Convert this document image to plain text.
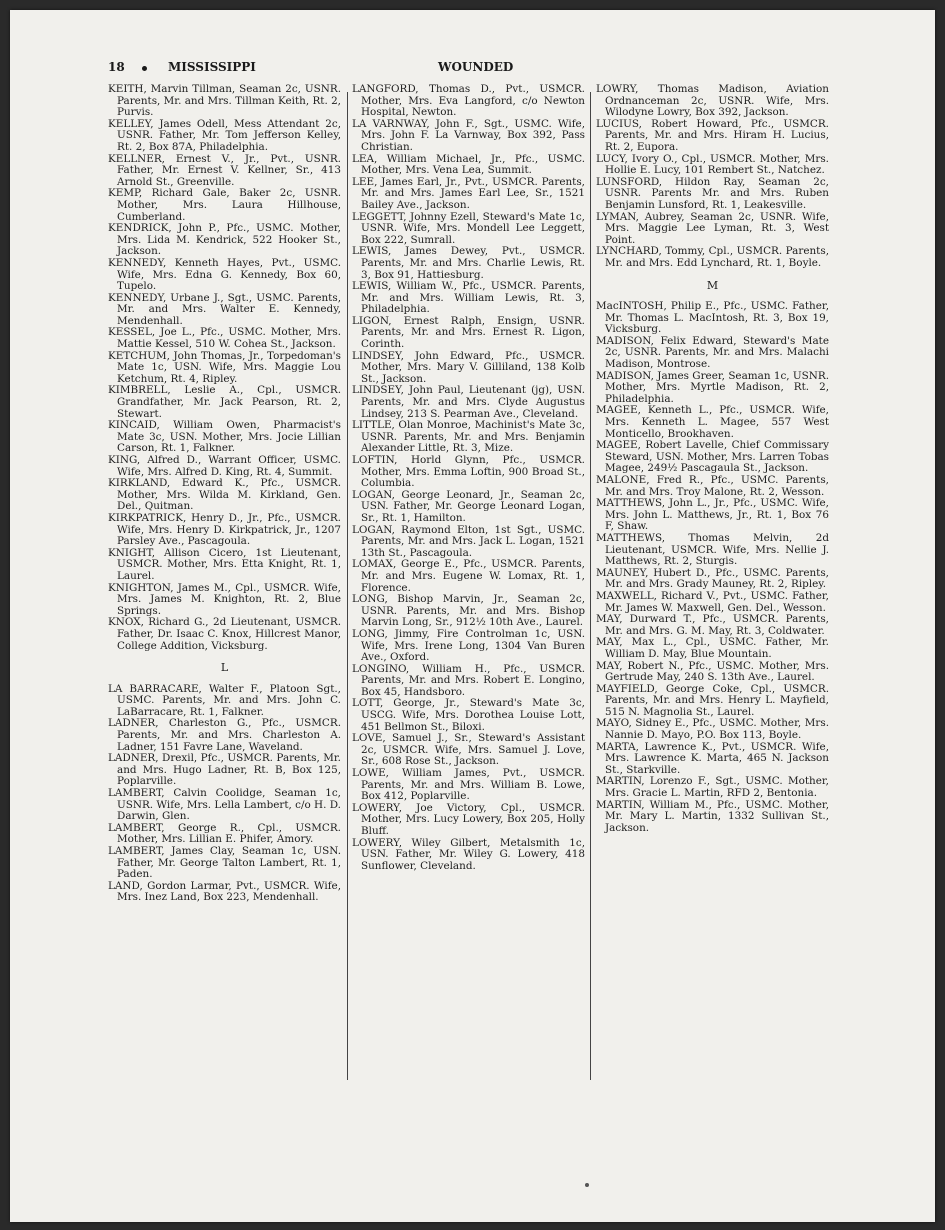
18	MISSISSIPPI	WOUNDED

KEITH, Marvin Tillman, Seaman 2c, USNR. Parents, Mr. and Mrs. Tillman Keith, Rt. 2, Purvis.

KELLEY, James Odell, Mess Attendant 2c, USNR. Father, Mr. Tom Jefferson Kelley, Rt. 2, Box 87A, Philadelphia.

KELLNER, Ernest V., Jr., Pvt., USNR. Father, Mr. Ernest V. Kellner, Sr., 413 Arnold St., Greenville.

KEMP, Richard Gale, Baker 2c, USNR. Mother, Mrs. Laura Hillhouse, Cumberland.

KENDRICK, John P., Pfc., USMC. Mother, Mrs. Lida M. Kendrick, 522 Hooker St., Jackson.

KENNEDY, Kenneth Hayes, Pvt., USMC. Wife, Mrs. Edna G. Kennedy, Box 60, Tupelo.

KENNEDY, Urbane J., Sgt., USMC. Parents, Mr. and Mrs. Walter E. Kennedy, Mendenhall.

KESSEL, Joe L., Pfc., USMC. Mother, Mrs. Mattie Kessel, 510 W. Cohea St., Jackson.

KETCHUM, John Thomas, Jr., Torpedoman's Mate 1c, USN. Wife, Mrs. Maggie Lou Ketchum, Rt. 4, Ripley.

KIMBRELL, Leslie A., Cpl., USMCR. Grandfather, Mr. Jack Pearson, Rt. 2, Stewart.

KINCAID, William Owen, Pharmacist's Mate 3c, USN. Mother, Mrs. Jocie Lillian Carson, Rt. 1, Falkner.

KING, Alfred D., Warrant Officer, USMC. Wife, Mrs. Alfred D. King, Rt. 4, Summit.

KIRKLAND, Edward K., Pfc., USMCR. Mother, Mrs. Wilda M. Kirkland, Gen. Del., Quitman.

KIRKPATRICK, Henry D., Jr., Pfc., USMCR. Wife, Mrs. Henry D. Kirkpatrick, Jr., 1207 Parsley Ave., Pascagoula.

KNIGHT, Allison Cicero, 1st Lieutenant, USMCR. Mother, Mrs. Etta Knight, Rt. 1, Laurel.

KNIGHTON, James M., Cpl., USMCR. Wife, Mrs. James M. Knighton, Rt. 2, Blue Springs.

KNOX, Richard G., 2d Lieutenant, USMCR. Father, Dr. Isaac C. Knox, Hillcrest Manor, College Addition, Vicksburg.

L

LA BARRACARE, Walter F., Platoon Sgt., USMC. Parents, Mr. and Mrs. John C. LaBarracare, Rt. 1, Falkner.

LADNER, Charleston G., Pfc., USMCR. Parents, Mr. and Mrs. Charleston A. Ladner, 151 Favre Lane, Waveland.

LADNER, Drexil, Pfc., USMCR. Parents, Mr. and Mrs. Hugo Ladner, Rt. B, Box 125, Poplarville.

LAMBERT, Calvin Coolidge, Seaman 1c, USNR. Wife, Mrs. Lella Lambert, c/o H. D. Darwin, Glen.

LAMBERT, George R., Cpl., USMCR. Mother, Mrs. Lillian E. Phifer, Amory.

LAMBERT, James Clay, Seaman 1c, USN. Father, Mr. George Talton Lambert, Rt. 1, Paden.

LAND, Gordon Larmar, Pvt., USMCR. Wife, Mrs. Inez Land, Box 223, Mendenhall.

LANGFORD, Thomas D., Pvt., USMCR. Mother, Mrs. Eva Langford, c/o Newton Hospital, Newton.

LA VARNWAY, John F., Sgt., USMC. Wife, Mrs. John F. La Varnway, Box 392, Pass Christian.

LEA, William Michael, Jr., Pfc., USMC. Mother, Mrs. Vena Lea, Summit.

LEE, James Earl, Jr., Pvt., USMCR. Parents, Mr. and Mrs. James Earl Lee, Sr., 1521 Bailey Ave., Jackson.

LEGGETT, Johnny Ezell, Steward's Mate 1c, USNR. Wife, Mrs. Mondell Lee Leggett, Box 222, Sumrall.

LEWIS, James Dewey, Pvt., USMCR. Parents, Mr. and Mrs. Charlie Lewis, Rt. 3, Box 91, Hattiesburg.

LEWIS, William W., Pfc., USMCR. Parents, Mr. and Mrs. William Lewis, Rt. 3, Philadelphia.

LIGON, Ernest Ralph, Ensign, USNR. Parents, Mr. and Mrs. Ernest R. Ligon, Corinth.

LINDSEY, John Edward, Pfc., USMCR. Mother, Mrs. Mary V. Gilliland, 138 Kolb St., Jackson.

LINDSEY, John Paul, Lieutenant (jg), USN. Parents, Mr. and Mrs. Clyde Augustus Lindsey, 213 S. Pearman Ave., Cleveland.

LITTLE, Olan Monroe, Machinist's Mate 3c, USNR. Parents, Mr. and Mrs. Benjamin Alexander Little, Rt. 3, Mize.

LOFTIN, Horld Glynn, Pfc., USMCR. Mother, Mrs. Emma Loftin, 900 Broad St., Columbia.

LOGAN, George Leonard, Jr., Seaman 2c, USN. Father, Mr. George Leonard Logan, Sr., Rt. 1, Hamilton.

LOGAN, Raymond Elton, 1st Sgt., USMC. Parents, Mr. and Mrs. Jack L. Logan, 1521 13th St., Pascagoula.

LOMAX, George E., Pfc., USMCR. Parents, Mr. and Mrs. Eugene W. Lomax, Rt. 1, Florence.

LONG, Bishop Marvin, Jr., Seaman 2c, USNR. Parents, Mr. and Mrs. Bishop Marvin Long, Sr., 912½ 10th Ave., Laurel.

LONG, Jimmy, Fire Controlman 1c, USN. Wife, Mrs. Irene Long, 1304 Van Buren Ave., Oxford.

LONGINO, William H., Pfc., USMCR. Parents, Mr. and Mrs. Robert E. Longino, Box 45, Handsboro.

LOTT, George, Jr., Steward's Mate 3c, USCG. Wife, Mrs. Dorothea Louise Lott, 451 Bellmon St., Biloxi.

LOVE, Samuel J., Sr., Steward's Assistant 2c, USMCR. Wife, Mrs. Samuel J. Love, Sr., 608 Rose St., Jackson.

LOWE, William James, Pvt., USMCR. Parents, Mr. and Mrs. William B. Lowe, Box 412, Poplarville.

LOWERY, Joe Victory, Cpl., USMCR. Mother, Mrs. Lucy Lowery, Box 205, Holly Bluff.

LOWERY, Wiley Gilbert, Metalsmith 1c, USN. Father, Mr. Wiley G. Lowery, 418 Sunflower, Cleveland.

LOWRY, Thomas Madison, Aviation Ordnanceman 2c, USNR. Wife, Mrs. Wilodyne Lowry, Box 392, Jackson.

LUCIUS, Robert Howard, Pfc., USMCR. Parents, Mr. and Mrs. Hiram H. Lucius, Rt. 2, Eupora.

LUCY, Ivory O., Cpl., USMCR. Mother, Mrs. Hollie E. Lucy, 101 Rembert St., Natchez.

LUNSFORD, Hildon Ray, Seaman 2c, USNR. Parents Mr. and Mrs. Ruben Benjamin Lunsford, Rt. 1, Leakesville.

LYMAN, Aubrey, Seaman 2c, USNR. Wife, Mrs. Maggie Lee Lyman, Rt. 3, West Point.

LYNCHARD, Tommy, Cpl., USMCR. Parents, Mr. and Mrs. Edd Lynchard, Rt. 1, Boyle.

M

MacINTOSH, Philip E., Pfc., USMC. Father, Mr. Thomas L. MacIntosh, Rt. 3, Box 19, Vicksburg.

MADISON, Felix Edward, Steward's Mate 2c, USNR. Parents, Mr. and Mrs. Malachi Madison, Montrose.

MADISON, James Greer, Seaman 1c, USNR. Mother, Mrs. Myrtle Madison, Rt. 2, Philadelphia.

MAGEE, Kenneth L., Pfc., USMCR. Wife, Mrs. Kenneth L. Magee, 557 West Monticello, Brookhaven.

MAGEE, Robert Lavelle, Chief Commissary Steward, USN. Mother, Mrs. Larren Tobas Magee, 249½ Pascagaula St., Jackson.

MALONE, Fred R., Pfc., USMC. Parents, Mr. and Mrs. Troy Malone, Rt. 2, Wesson.

MATTHEWS, John L., Jr., Pfc., USMC. Wife, Mrs. John L. Matthews, Jr., Rt. 1, Box 76 F, Shaw.

MATTHEWS, Thomas Melvin, 2d Lieutenant, USMCR. Wife, Mrs. Nellie J. Matthews, Rt. 2, Sturgis.

MAUNEY, Hubert D., Pfc., USMC. Parents, Mr. and Mrs. Grady Mauney, Rt. 2, Ripley.

MAXWELL, Richard V., Pvt., USMC. Father, Mr. James W. Maxwell, Gen. Del., Wesson.

MAY, Durward T., Pfc., USMCR. Parents, Mr. and Mrs. G. M. May, Rt. 3, Coldwater.

MAY, Max L., Cpl., USMC. Father, Mr. William D. May, Blue Mountain.

MAY, Robert N., Pfc., USMC. Mother, Mrs. Gertrude May, 240 S. 13th Ave., Laurel.

MAYFIELD, George Coke, Cpl., USMCR. Parents, Mr. and Mrs. Henry L. Mayfield, 515 N. Magnolia St., Laurel.

MAYO, Sidney E., Pfc., USMC. Mother, Mrs. Nannie D. Mayo, P.O. Box 113, Boyle.

MARTA, Lawrence K., Pvt., USMCR. Wife, Mrs. Lawrence K. Marta, 465 N. Jackson St., Starkville.

MARTIN, Lorenzo F., Sgt., USMC. Mother, Mrs. Gracie L. Martin, RFD 2, Bentonia.

MARTIN, William M., Pfc., USMC. Mother, Mr. Mary L. Martin, 1332 Sullivan St., Jackson.
